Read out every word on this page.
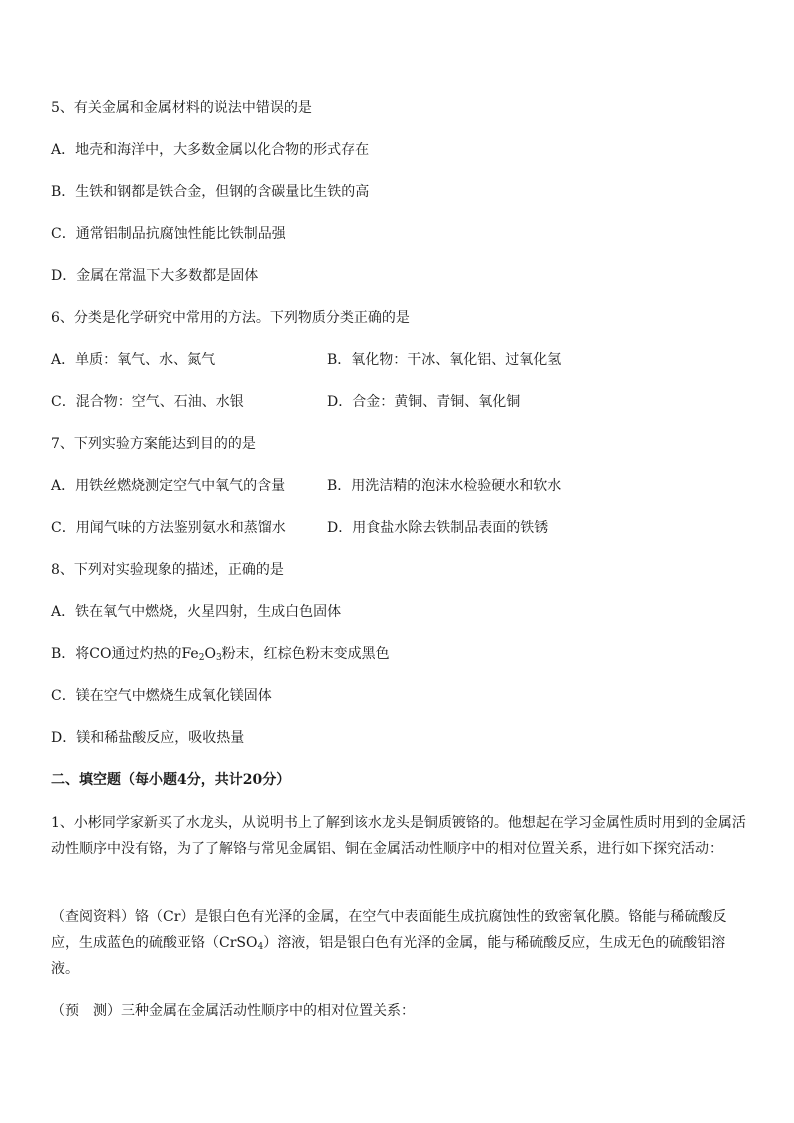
5、有关金属和金属材料的说法中错误的是
A．地壳和海洋中，大多数金属以化合物的形式存在
B．生铁和钢都是铁合金，但钢的含碳量比生铁的高
C．通常铝制品抗腐蚀性能比铁制品强
D．金属在常温下大多数都是固体
6、分类是化学研究中常用的方法。下列物质分类正确的是
A．单质：氧气、水、氮气	B．氧化物：干冰、氧化铝、过氧化氢
C．混合物：空气、石油、水银	D．合金：黄铜、青铜、氧化铜
7、下列实验方案能达到目的的是
A．用铁丝燃烧测定空气中氧气的含量	B．用洗洁精的泡沫水检验硬水和软水
C．用闻气味的方法鉴别氨水和蒸馏水	D．用食盐水除去铁制品表面的铁锈
8、下列对实验现象的描述，正确的是
A．铁在氧气中燃烧，火星四射，生成白色固体
B．将CO通过灼热的$Fe_2O_3$粉末，红棕色粉末变成黑色
C．镁在空气中燃烧生成氧化镁固体
D．镁和稀盐酸反应，吸收热量
二、填空题（每小题4分，共计20分）
1、小彬同学家新买了水龙头，从说明书上了解到该水龙头是铜质镀铬的。他想起在学习金属性质时用到的金属活动性顺序中没有铬，为了了解铬与常见金属铝、铜在金属活动性顺序中的相对位置关系，进行如下探究活动：
（查阅资料）铬（Cr）是银白色有光泽的金属，在空气中表面能生成抗腐蚀性的致密氧化膜。铬能与稀硫酸反应，生成蓝色的硫酸亚铬（CrSO$_4$）溶液，铝是银白色有光泽的金属，能与稀硫酸反应，生成无色的硫酸铝溶液。
（预　测）三种金属在金属活动性顺序中的相对位置关系：
